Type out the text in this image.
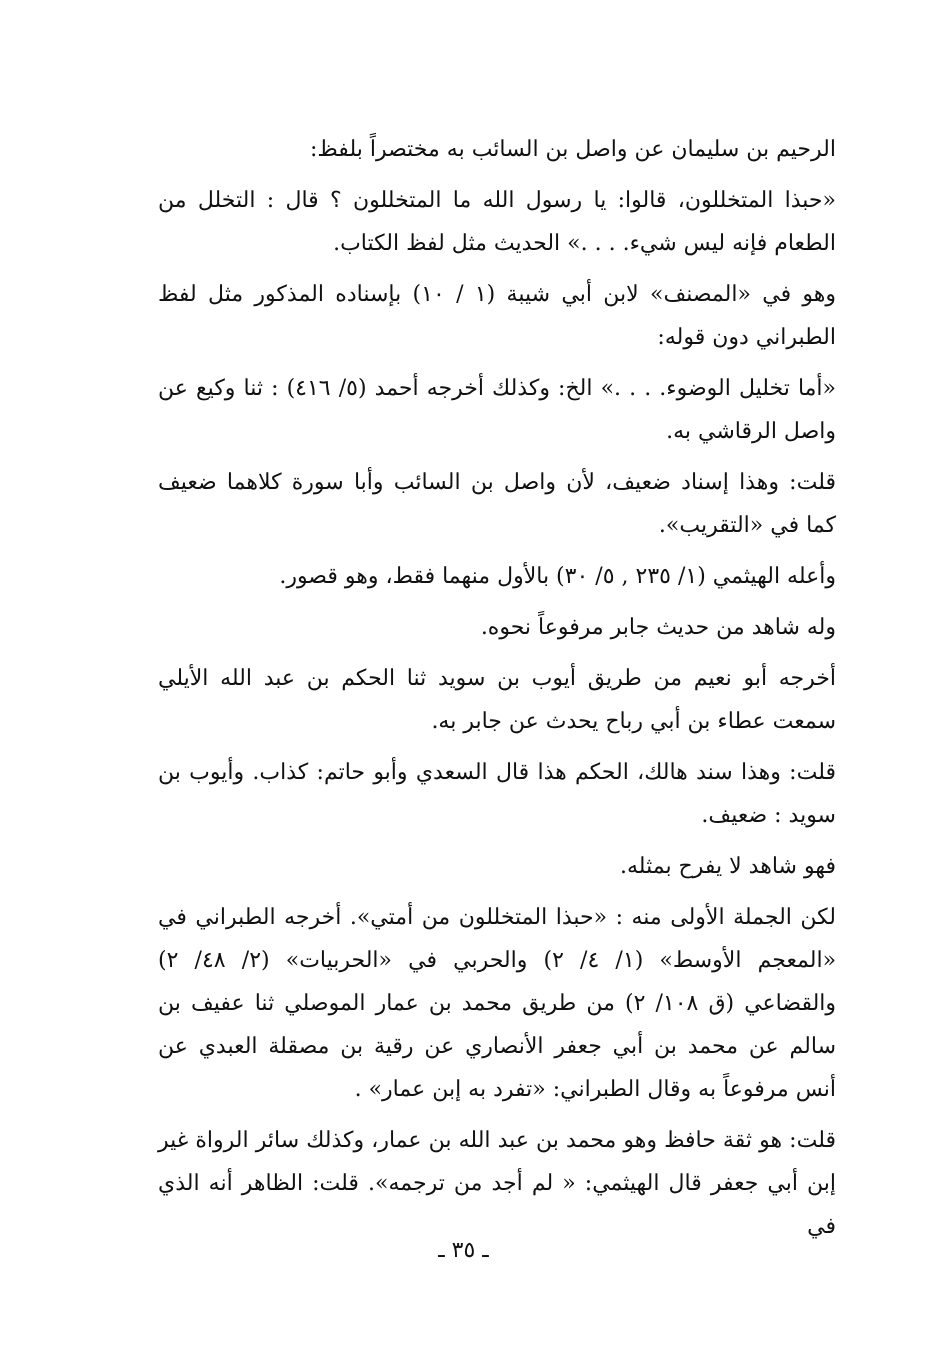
الرحيم بن سليمان عن واصل بن السائب به مختصراً بلفظ:

«حبذا المتخللون، قالوا: يا رسول الله ما المتخللون ؟ قال : التخلل من الطعام فإنه ليس شيء. . . .» الحديث مثل لفظ الكتاب.

وهو في «المصنف» لابن أبي شيبة (١ / ١٠) بإسناده المذكور مثل لفظ الطبراني دون قوله:

«أما تخليل الوضوء. . . .» الخ: وكذلك أخرجه أحمد (٥/ ٤١٦) : ثنا وكيع عن واصل الرقاشي به.

قلت: وهذا إسناد ضعيف، لأن واصل بن السائب وأبا سورة كلاهما ضعيف كما في «التقريب».

وأعله الهيثمي (١/ ٢٣٥ , ٥/ ٣٠) بالأول منهما فقط، وهو قصور.

وله شاهد من حديث جابر مرفوعاً نحوه.

أخرجه أبو نعيم من طريق أيوب بن سويد ثنا الحكم بن عبد الله الأيلي سمعت عطاء بن أبي رباح يحدث عن جابر به.

قلت: وهذا سند هالك، الحكم هذا قال السعدي وأبو حاتم: كذاب. وأيوب بن سويد : ضعيف.

فهو شاهد لا يفرح بمثله.

لكن الجملة الأولى منه : «حبذا المتخللون من أمتي». أخرجه الطبراني في «المعجم الأوسط» (١/ ٤/ ٢) والحربي في «الحربيات» (٢/ ٤٨/ ٢) والقضاعي (ق ١٠٨/ ٢) من طريق محمد بن عمار الموصلي ثنا عفيف بن سالم عن محمد بن أبي جعفر الأنصاري عن رقية بن مصقلة العبدي عن أنس مرفوعاً به وقال الطبراني: «تفرد به إبن عمار» .

قلت: هو ثقة حافظ وهو محمد بن عبد الله بن عمار، وكذلك سائر الرواة غير إبن أبي جعفر قال الهيثمي: « لم أجد من ترجمه». قلت: الظاهر أنه الذي في

ـ ٣٥ ـ
